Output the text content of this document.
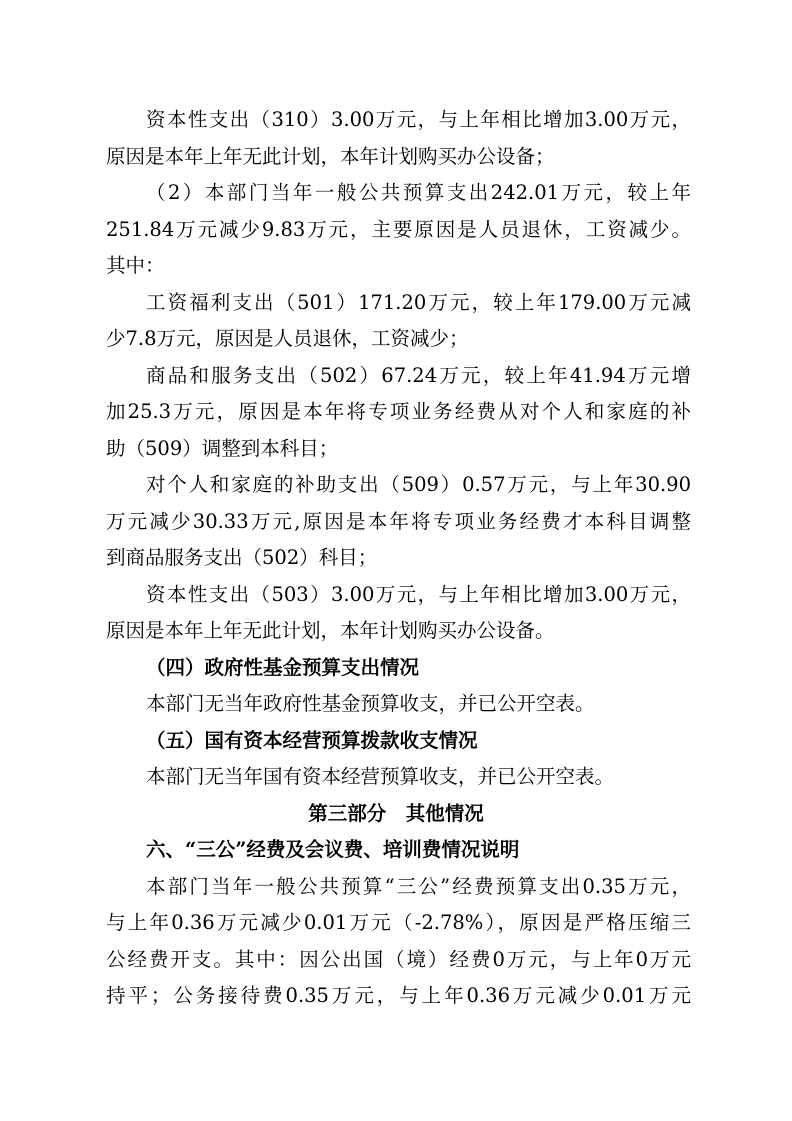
资本性支出（310）3.00万元，与上年相比增加3.00万元，
原因是本年上年无此计划，本年计划购买办公设备；
（2）本部门当年一般公共预算支出242.01万元，较上年
251.84万元减少9.83万元，主要原因是人员退休，工资减少。
其中：
工资福利支出（501）171.20万元，较上年179.00万元减
少7.8万元，原因是人员退休，工资减少；
商品和服务支出（502）67.24万元，较上年41.94万元增
加25.3万元，原因是本年将专项业务经费从对个人和家庭的补
助（509）调整到本科目；
对个人和家庭的补助支出（509）0.57万元，与上年30.90
万元减少30.33万元,原因是本年将专项业务经费才本科目调整
到商品服务支出（502）科目；
资本性支出（503）3.00万元，与上年相比增加3.00万元，
原因是本年上年无此计划，本年计划购买办公设备。
（四）政府性基金预算支出情况
本部门无当年政府性基金预算收支，并已公开空表。
（五）国有资本经营预算拨款收支情况
本部门无当年国有资本经营预算收支，并已公开空表。
第三部分　其他情况
六、“三公”经费及会议费、培训费情况说明
本部门当年一般公共预算“三公”经费预算支出0.35万元，
与上年0.36万元减少0.01万元（-2.78%），原因是严格压缩三
公经费开支。其中：因公出国（境）经费0万元，与上年0万元
持平；公务接待费0.35万元，与上年0.36万元减少0.01万元
